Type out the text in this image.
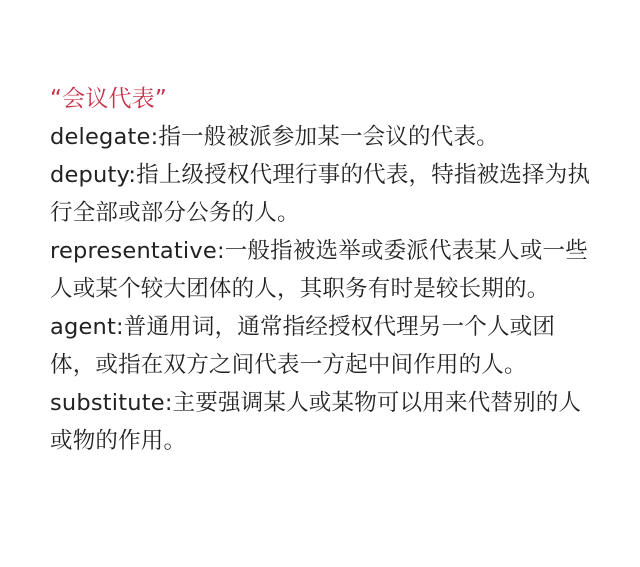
“会议代表”

delegate:指一般被派参加某一会议的代表。

deputy:指上级授权代理行事的代表，特指被选择为执行全部或部分公务的人。

representative:一般指被选举或委派代表某人或一些人或某个较大团体的人，其职务有时是较长期的。

agent:普通用词，通常指经授权代理另一个人或团体，或指在双方之间代表一方起中间作用的人。

substitute:主要强调某人或某物可以用来代替别的人或物的作用。
